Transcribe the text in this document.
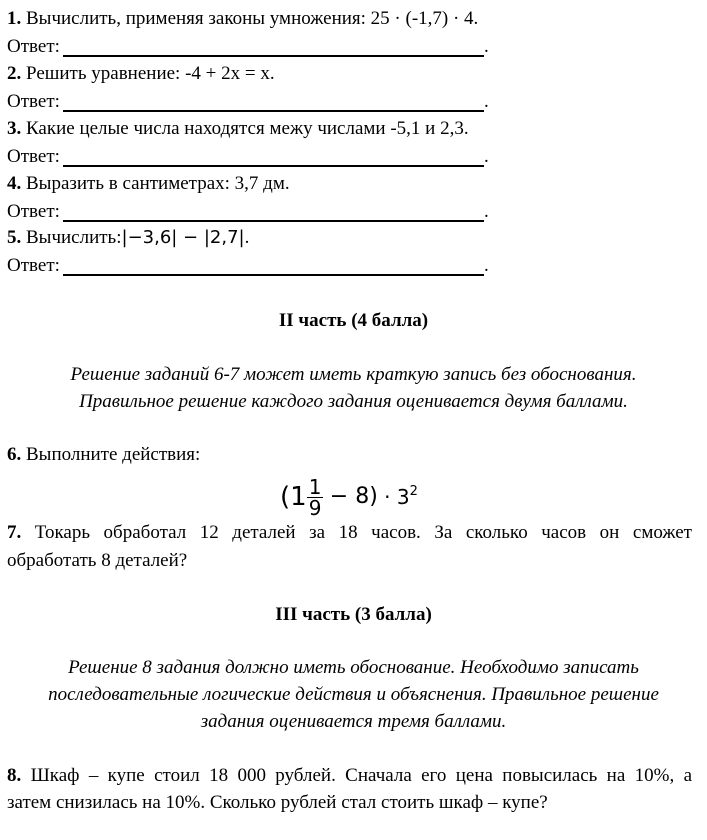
1. Вычислить, применяя законы умножения: 25 · (-1,7) · 4.
Ответ:	.
2. Решить уравнение: -4 + 2x = x.
Ответ:	.
3. Какие целые числа находятся межу числами -5,1 и 2,3.
Ответ:	.
4. Выразить в сантиметрах: 3,7 дм.
Ответ:	.
5. Вычислить:|−3,6| − |2,7|.
Ответ:	.
II часть (4 балла)
Решение заданий 6-7 может иметь краткую запись без обоснования.
Правильное решение каждого задания оценивается двумя баллами.
6. Выполните действия:
$(1 \frac{1}{9} - 8) \cdot 3^2$
7. Токарь обработал 12 деталей за 18 часов. За сколько часов он сможет
обработать 8 деталей?
III часть (3 балла)
Решение 8 задания должно иметь обоснование. Необходимо записать
последовательные логические действия и объяснения. Правильное решение
задания оценивается тремя баллами.
8. Шкаф – купе стоил 18 000 рублей. Сначала его цена повысилась на 10%, а
затем снизилась на 10%. Сколько рублей стал стоить шкаф – купе?
